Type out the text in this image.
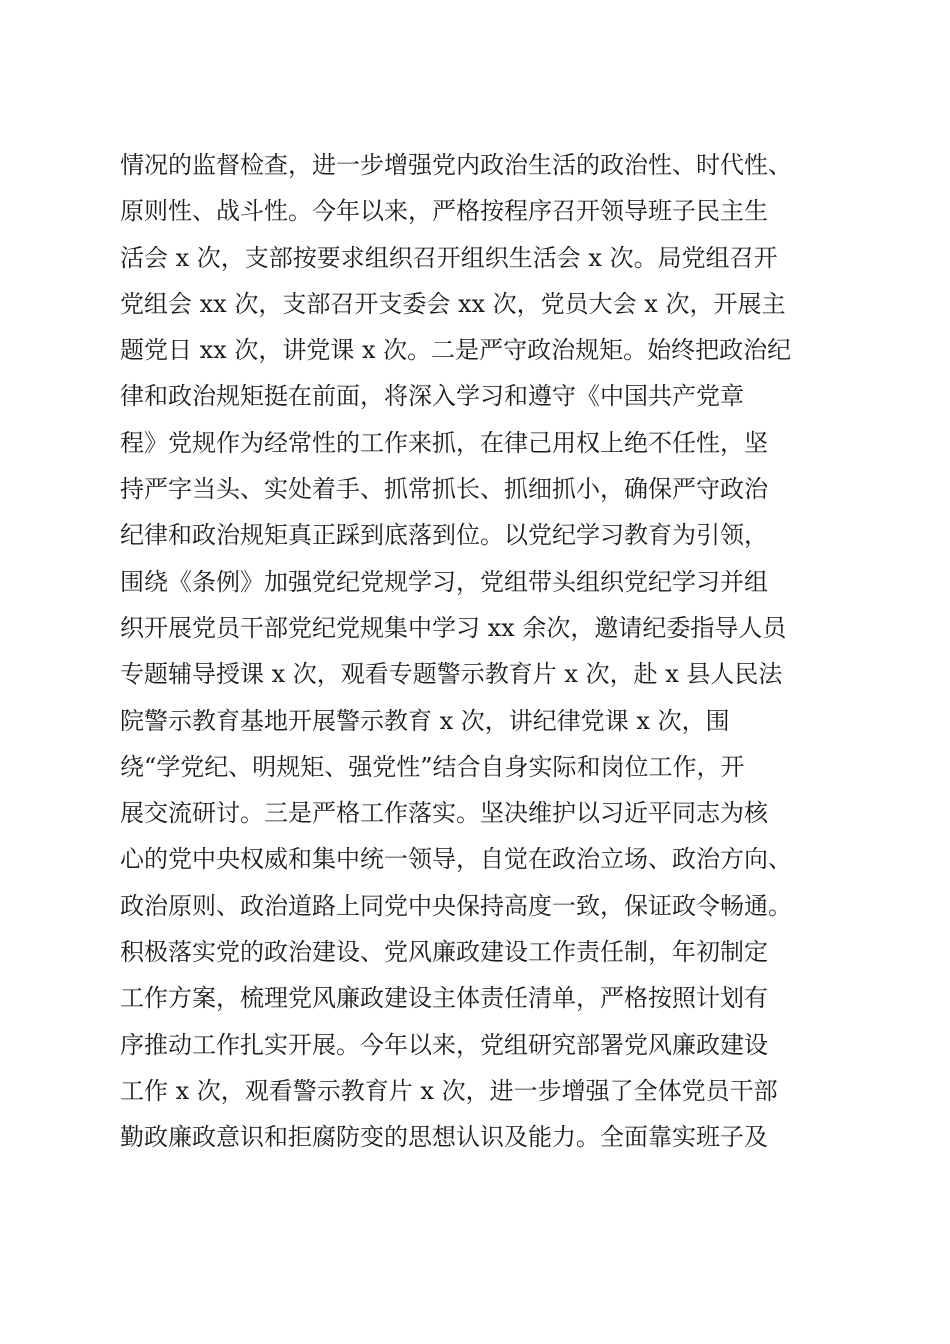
情况的监督检查，进一步增强党内政治生活的政治性、时代性、
原则性、战斗性。今年以来，严格按程序召开领导班子民主生
活会 x 次，支部按要求组织召开组织生活会 x 次。局党组召开
党组会 xx 次，支部召开支委会 xx 次，党员大会 x 次，开展主
题党日 xx 次，讲党课 x 次。二是严守政治规矩。始终把政治纪
律和政治规矩挺在前面，将深入学习和遵守《中国共产党章
程》党规作为经常性的工作来抓，在律己用权上绝不任性，坚
持严字当头、实处着手、抓常抓长、抓细抓小，确保严守政治
纪律和政治规矩真正踩到底落到位。以党纪学习教育为引领，
围绕《条例》加强党纪党规学习，党组带头组织党纪学习并组
织开展党员干部党纪党规集中学习 xx 余次，邀请纪委指导人员
专题辅导授课 x 次，观看专题警示教育片 x 次，赴 x 县人民法
院警示教育基地开展警示教育 x 次，讲纪律党课 x 次，围
绕“学党纪、明规矩、强党性”结合自身实际和岗位工作，开
展交流研讨。三是严格工作落实。坚决维护以习近平同志为核
心的党中央权威和集中统一领导，自觉在政治立场、政治方向、
政治原则、政治道路上同党中央保持高度一致，保证政令畅通。
积极落实党的政治建设、党风廉政建设工作责任制，年初制定
工作方案，梳理党风廉政建设主体责任清单，严格按照计划有
序推动工作扎实开展。今年以来，党组研究部署党风廉政建设
工作 x 次，观看警示教育片 x 次，进一步增强了全体党员干部
勤政廉政意识和拒腐防变的思想认识及能力。全面靠实班子及
